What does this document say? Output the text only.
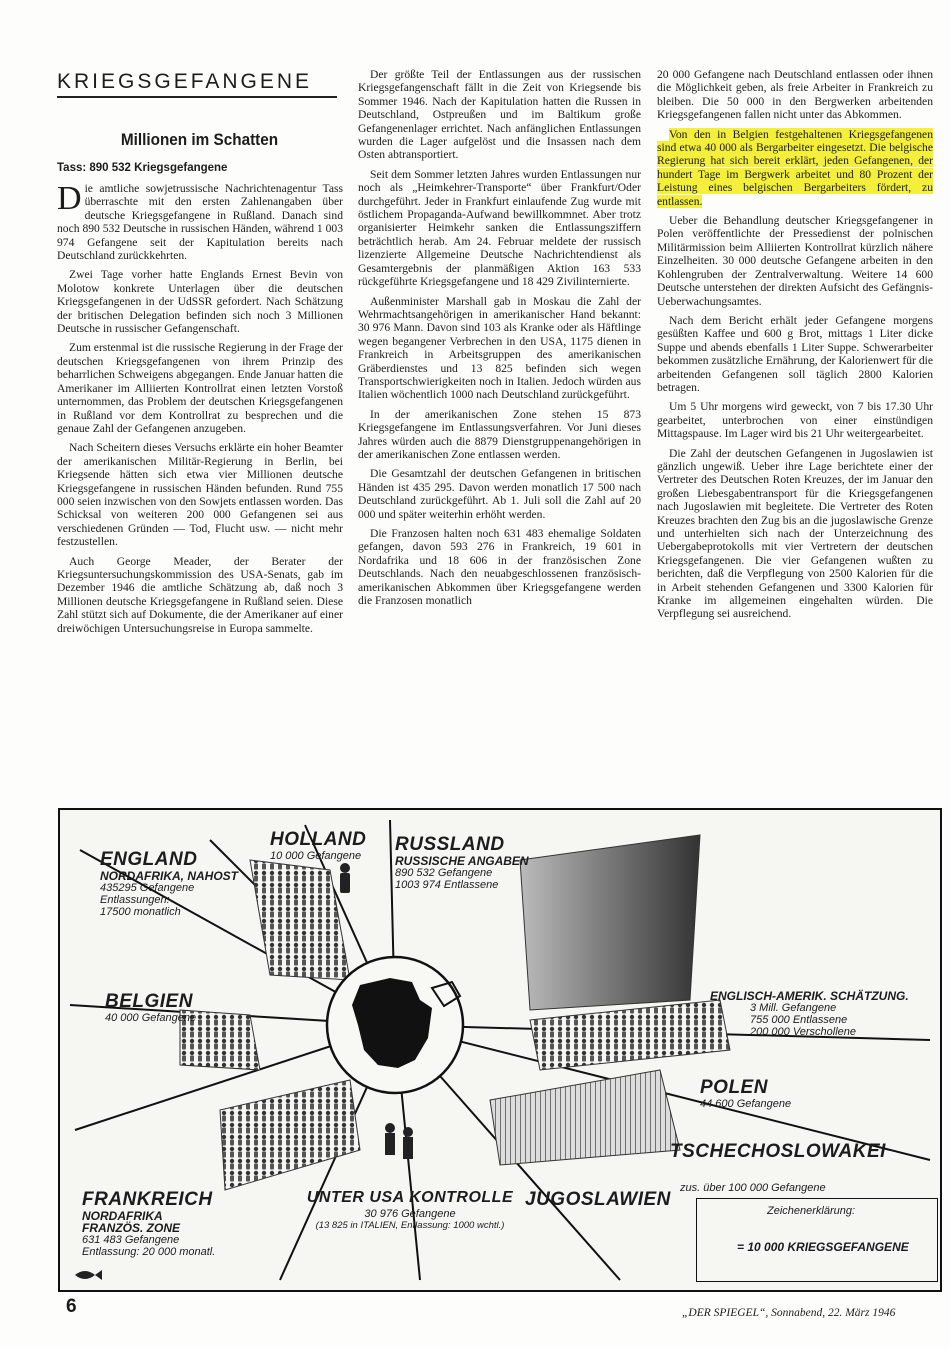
KRIEGSGEFANGENE
Millionen im Schatten
Tass: 890 532 Kriegsgefangene

Die amtliche sowjetrussische Nachrichtenagentur Tass überraschte mit den ersten Zahlenangaben über deutsche Kriegsgefangene in Rußland. Danach sind noch 890 532 Deutsche in russischen Händen, während 1 003 974 Gefangene seit der Kapitulation bereits nach Deutschland zurückkehrten.

Zwei Tage vorher hatte Englands Ernest Bevin von Molotow konkrete Unterlagen über die deutschen Kriegsgefangenen in der UdSSR gefordert. Nach Schätzung der britischen Delegation befinden sich noch 3 Millionen Deutsche in russischer Gefangenschaft.

Zum erstenmal ist die russische Regierung in der Frage der deutschen Kriegsgefangenen von ihrem Prinzip des beharrlichen Schweigens abgegangen. Ende Januar hatten die Amerikaner im Alliierten Kontrollrat einen letzten Vorstoß unternommen, das Problem der deutschen Kriegsgefangenen in Rußland vor dem Kontrollrat zu besprechen und die genaue Zahl der Gefangenen anzugeben.

Nach Scheitern dieses Versuchs erklärte ein hoher Beamter der amerikanischen Militär-Regierung in Berlin, bei Kriegsende hätten sich etwa vier Millionen deutsche Kriegsgefangene in russischen Händen befunden. Rund 755 000 seien inzwischen von den Sowjets entlassen worden. Das Schicksal von weiteren 200 000 Gefangenen sei aus verschiedenen Gründen — Tod, Flucht usw. — nicht mehr festzustellen.

Auch George Meader, der Berater der Kriegsuntersuchungskommission des USA-Senats, gab im Dezember 1946 die amtliche Schätzung ab, daß noch 3 Millionen deutsche Kriegsgefangene in Rußland seien. Diese Zahl stützt sich auf Dokumente, die der Amerikaner auf einer dreiwöchigen Untersuchungsreise in Europa sammelte.

Der größte Teil der Entlassungen aus der russischen Kriegsgefangenschaft fällt in die Zeit von Kriegsende bis Sommer 1946. Nach der Kapitulation hatten die Russen in Deutschland, Ostpreußen und im Baltikum große Gefangenenlager errichtet. Nach anfänglichen Entlassungen wurden die Lager aufgelöst und die Insassen nach dem Osten abtransportiert.

Seit dem Sommer letzten Jahres wurden Entlassungen nur noch als „Heimkehrer-Transporte“ über Frankfurt/Oder durchgeführt. Jeder in Frankfurt einlaufende Zug wurde mit östlichem Propaganda-Aufwand bewillkommnet. Aber trotz organisierter Heimkehr sanken die Entlassungsziffern beträchtlich herab. Am 24. Februar meldete der russisch lizenzierte Allgemeine Deutsche Nachrichtendienst als Gesamtergebnis der planmäßigen Aktion 163 533 rückgeführte Kriegsgefangene und 18 429 Zivilinternierte.

Außenminister Marshall gab in Moskau die Zahl der Wehrmachtsangehörigen in amerikanischer Hand bekannt: 30 976 Mann. Davon sind 103 als Kranke oder als Häftlinge wegen begangener Verbrechen in den USA, 1175 dienen in Frankreich in Arbeitsgruppen des amerikanischen Gräberdienstes und 13 825 befinden sich wegen Transportschwierigkeiten noch in Italien. Jedoch würden aus Italien wöchentlich 1000 nach Deutschland zurückgeführt.

In der amerikanischen Zone stehen 15 873 Kriegsgefangene im Entlassungsverfahren. Vor Juni dieses Jahres würden auch die 8879 Dienstgruppenangehörigen in der amerikanischen Zone entlassen werden.

Die Gesamtzahl der deutschen Gefangenen in britischen Händen ist 435 295. Davon werden monatlich 17 500 nach Deutschland zurückgeführt. Ab 1. Juli soll die Zahl auf 20 000 und später weiterhin erhöht werden.

Die Franzosen halten noch 631 483 ehemalige Soldaten gefangen, davon 593 276 in Frankreich, 19 601 in Nordafrika und 18 606 in der französischen Zone Deutschlands. Nach den neuabgeschlossenen französisch-amerikanischen Abkommen über Kriegsgefangene werden die Franzosen monatlich

20 000 Gefangene nach Deutschland entlassen oder ihnen die Möglichkeit geben, als freie Arbeiter in Frankreich zu bleiben. Die 50 000 in den Bergwerken arbeitenden Kriegsgefangenen fallen nicht unter das Abkommen.

Von den in Belgien festgehaltenen Kriegsgefangenen sind etwa 40 000 als Bergarbeiter eingesetzt. Die belgische Regierung hat sich bereit erklärt, jeden Gefangenen, der hundert Tage im Bergwerk arbeitet und 80 Prozent der Leistung eines belgischen Bergarbeiters fördert, zu entlassen.

Ueber die Behandlung deutscher Kriegsgefangener in Polen veröffentlichte der Pressedienst der polnischen Militärmission beim Alliierten Kontrollrat kürzlich nähere Einzelheiten. 30 000 deutsche Gefangene arbeiten in den Kohlengruben der Zentralverwaltung. Weitere 14 600 Deutsche unterstehen der direkten Aufsicht des Gefängnis-Ueberwachungsamtes.

Nach dem Bericht erhält jeder Gefangene morgens gesüßten Kaffee und 600 g Brot, mittags 1 Liter dicke Suppe und abends ebenfalls 1 Liter Suppe. Schwerarbeiter bekommen zusätzliche Ernährung, der Kalorienwert für die arbeitenden Gefangenen soll täglich 2800 Kalorien betragen.

Um 5 Uhr morgens wird geweckt, von 7 bis 17.30 Uhr gearbeitet, unterbrochen von einer einstündigen Mittagspause. Im Lager wird bis 21 Uhr weitergearbeitet.

Die Zahl der deutschen Gefangenen in Jugoslawien ist gänzlich ungewiß. Ueber ihre Lage berichtete einer der Vertreter des Deutschen Roten Kreuzes, der im Januar den großen Liebesgabentransport für die Kriegsgefangenen nach Jugoslawien mit begleitete. Die Vertreter des Roten Kreuzes brachten den Zug bis an die jugoslawische Grenze und unterhielten sich nach der Unterzeichnung des Uebergabeprotokolls mit vier Vertretern der deutschen Kriegsgefangenen. Die vier Gefangenen wußten zu berichten, daß die Verpflegung von 2500 Kalorien für die in Arbeit stehenden Gefangenen und 3300 Kalorien für Kranke im allgemeinen eingehalten würden. Die Verpflegung sei ausreichend.

ENGLAND
NORDAFRIKA, NAHOST
435295 Gefangene
Entlassungen:
17500 monatlich
HOLLAND
10 000 Gefangene
RUSSLAND
RUSSISCHE ANGABEN
890 532 Gefangene
1003 974 Entlassene
BELGIEN
40 000 Gefangene
ENGLISCH-AMERIK. SCHÄTZUNG.
3 Mill. Gefangene
755 000 Entlassene
200 000 Verschollene
POLEN
44 600 Gefangene
TSCHECHOSLOWAKEI
zus. über 100 000 Gefangene
JUGOSLAWIEN
FRANKREICH
NORDAFRIKA
FRANZÖS. ZONE
631 483 Gefangene
Entlassung: 20 000 monatl.
UNTER USA KONTROLLE
30 976 Gefangene
(13 825 in ITALIEN, Entlassung: 1000 wchtl.)
Zeichenerklärung:
= 10 000 KRIEGSGEFANGENE
6	„DER SPIEGEL“, Sonnabend, 22. März 1946
